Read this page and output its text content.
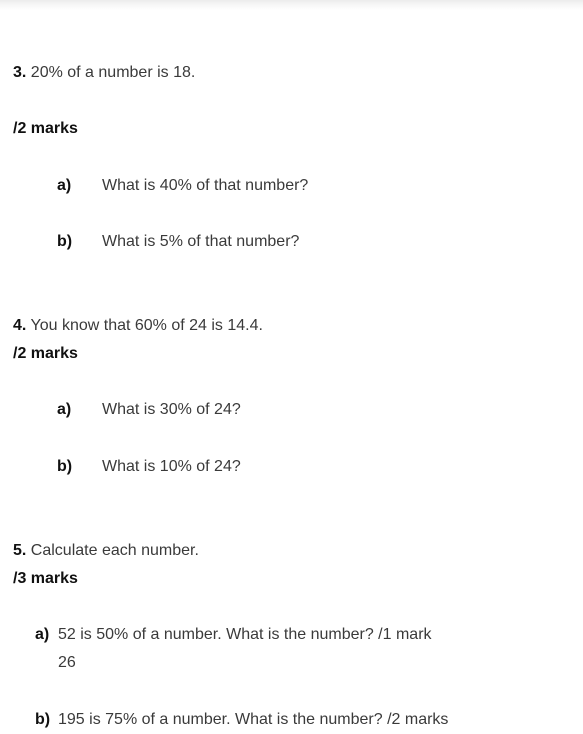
3. 20% of a number is 18.
/2 marks
a) What is 40% of that number?
b) What is 5% of that number?
4. You know that 60% of 24 is 14.4.
/2 marks
a) What is 30% of 24?
b) What is 10% of 24?
5. Calculate each number.
/3 marks
a) 52 is 50% of a number. What is the number? /1 mark
26
b) 195 is 75% of a number. What is the number? /2 marks
